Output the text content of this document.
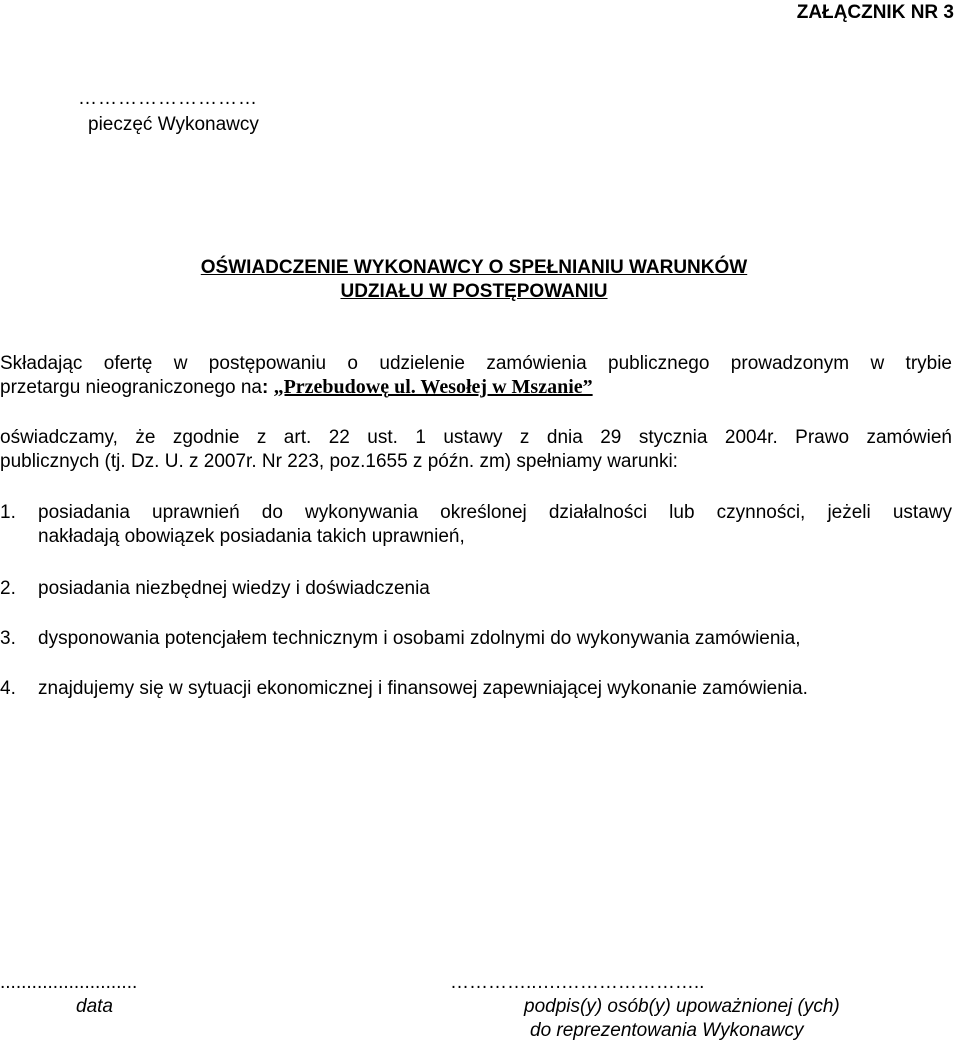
ZAŁĄCZNIK NR 3
………………………
pieczęć Wykonawcy
OŚWIADCZENIE WYKONAWCY O SPEŁNIANIU WARUNKÓW
UDZIAŁU W POSTĘPOWANIU
Składając ofertę w postępowaniu o udzielenie zamówienia publicznego prowadzonym w trybie
przetargu nieograniczonego na: „Przebudowę ul. Wesołej w Mszanie”
oświadczamy, że zgodnie z art. 22 ust. 1 ustawy z dnia 29 stycznia 2004r. Prawo zamówień
publicznych (tj. Dz. U. z 2007r. Nr 223, poz.1655 z późn. zm) spełniamy warunki:
1. posiadania uprawnień do wykonywania określonej działalności lub czynności, jeżeli ustawy
nakładają obowiązek posiadania takich uprawnień,
2. posiadania niezbędnej wiedzy i doświadczenia
3. dysponowania potencjałem technicznym i osobami zdolnymi do wykonywania zamówienia,
4. znajdujemy się w sytuacji ekonomicznej i finansowej zapewniającej wykonanie zamówienia.
..........................
data
…………..….…………………..
podpis(y) osób(y) upoważnionej (ych)
do reprezentowania Wykonawcy
